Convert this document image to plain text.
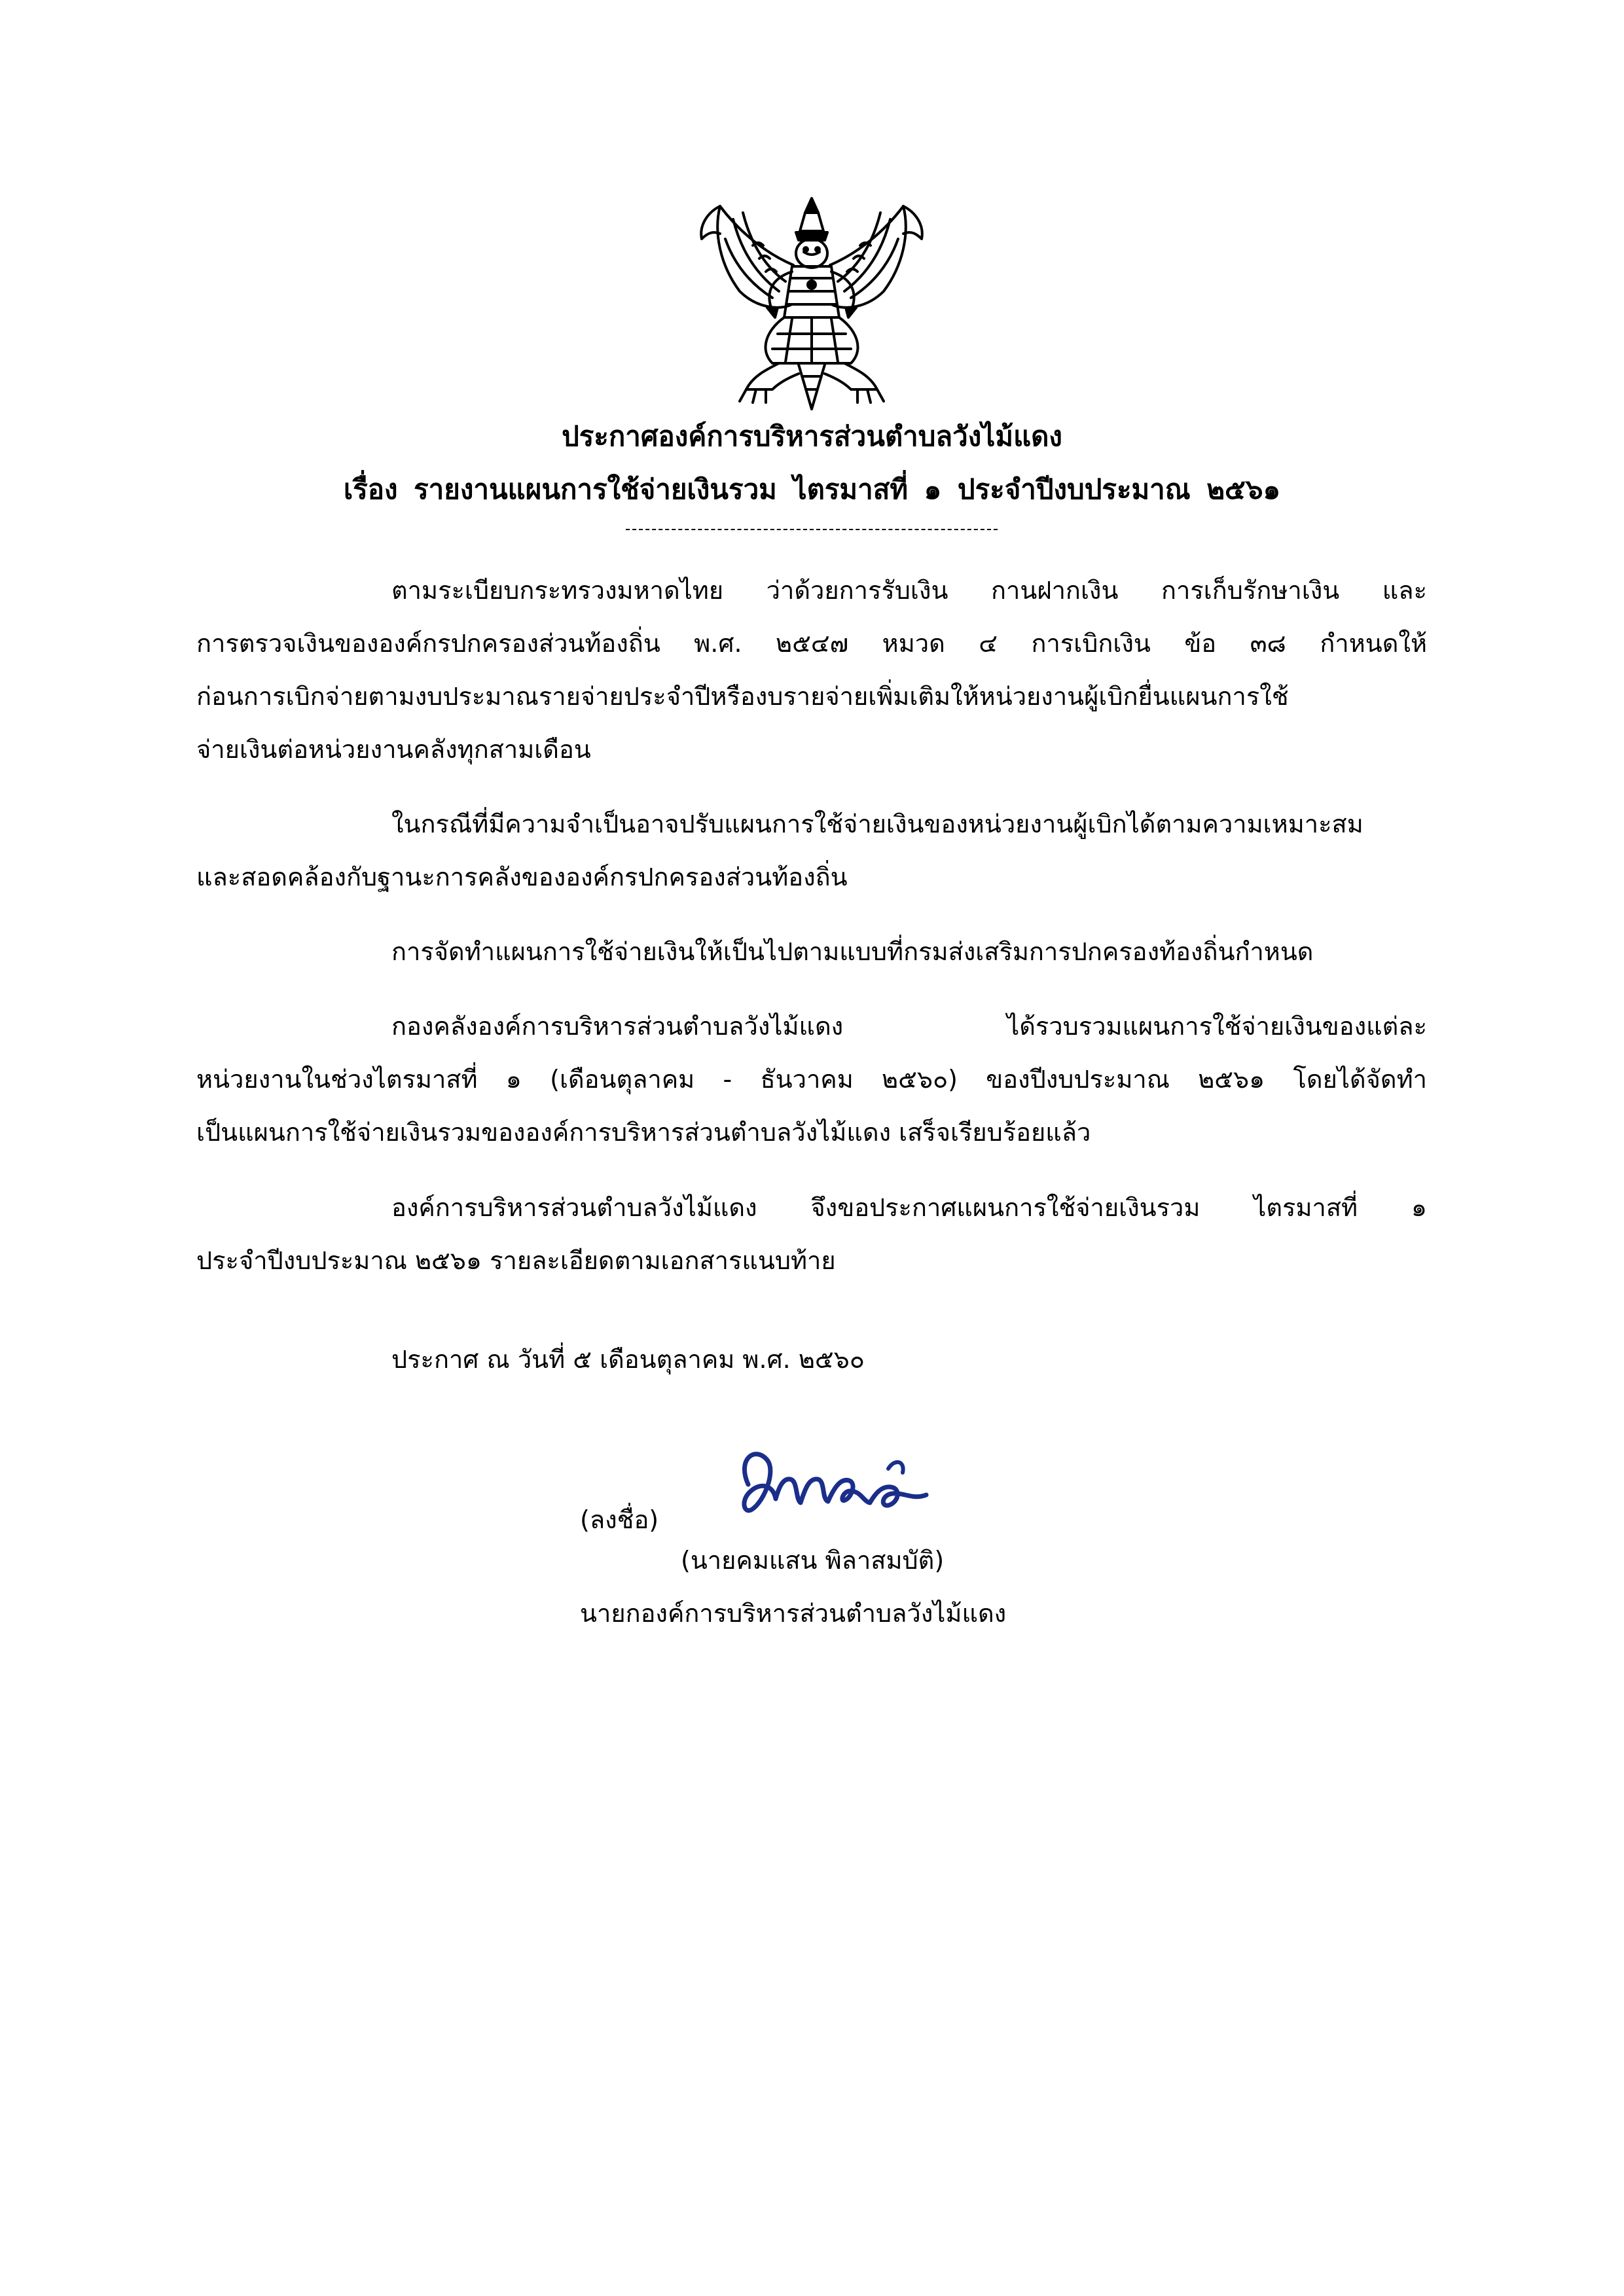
ประกาศองค์การบริหารส่วนตำบลวังไม้แดง
เรื่อง รายงานแผนการใช้จ่ายเงินรวม ไตรมาสที่ ๑ ประจำปีงบประมาณ ๒๕๖๑
ตามระเบียบกระทรวงมหาดไทย ว่าด้วยการรับเงิน กานฝากเงิน การเก็บรักษาเงิน และ
การตรวจเงินขององค์กรปกครองส่วนท้องถิ่น พ.ศ. ๒๕๔๗ หมวด ๔ การเบิกเงิน ข้อ ๓๘ กำหนดให้
ก่อนการเบิกจ่ายตามงบประมาณรายจ่ายประจำปีหรืองบรายจ่ายเพิ่มเติมให้หน่วยงานผู้เบิกยื่นแผนการใช้
จ่ายเงินต่อหน่วยงานคลังทุกสามเดือน
ในกรณีที่มีความจำเป็นอาจปรับแผนการใช้จ่ายเงินของหน่วยงานผู้เบิกได้ตามความเหมาะสม
และสอดคล้องกับฐานะการคลังขององค์กรปกครองส่วนท้องถิ่น
การจัดทำแผนการใช้จ่ายเงินให้เป็นไปตามแบบที่กรมส่งเสริมการปกครองท้องถิ่นกำหนด
กองคลังองค์การบริหารส่วนตำบลวังไม้แดง ได้รวบรวมแผนการใช้จ่ายเงินของแต่ละ
หน่วยงานในช่วงไตรมาสที่ ๑ (เดือนตุลาคม - ธันวาคม ๒๕๖๐) ของปีงบประมาณ ๒๕๖๑ โดยได้จัดทำ
เป็นแผนการใช้จ่ายเงินรวมขององค์การบริหารส่วนตำบลวังไม้แดง เสร็จเรียบร้อยแล้ว
องค์การบริหารส่วนตำบลวังไม้แดง จึงขอประกาศแผนการใช้จ่ายเงินรวม ไตรมาสที่ ๑
ประจำปีงบประมาณ ๒๕๖๑ รายละเอียดตามเอกสารแนบท้าย
ประกาศ ณ วันที่ ๕ เดือนตุลาคม พ.ศ. ๒๕๖๐
(ลงชื่อ)
(นายคมแสน พิลาสมบัติ)
นายกองค์การบริหารส่วนตำบลวังไม้แดง
